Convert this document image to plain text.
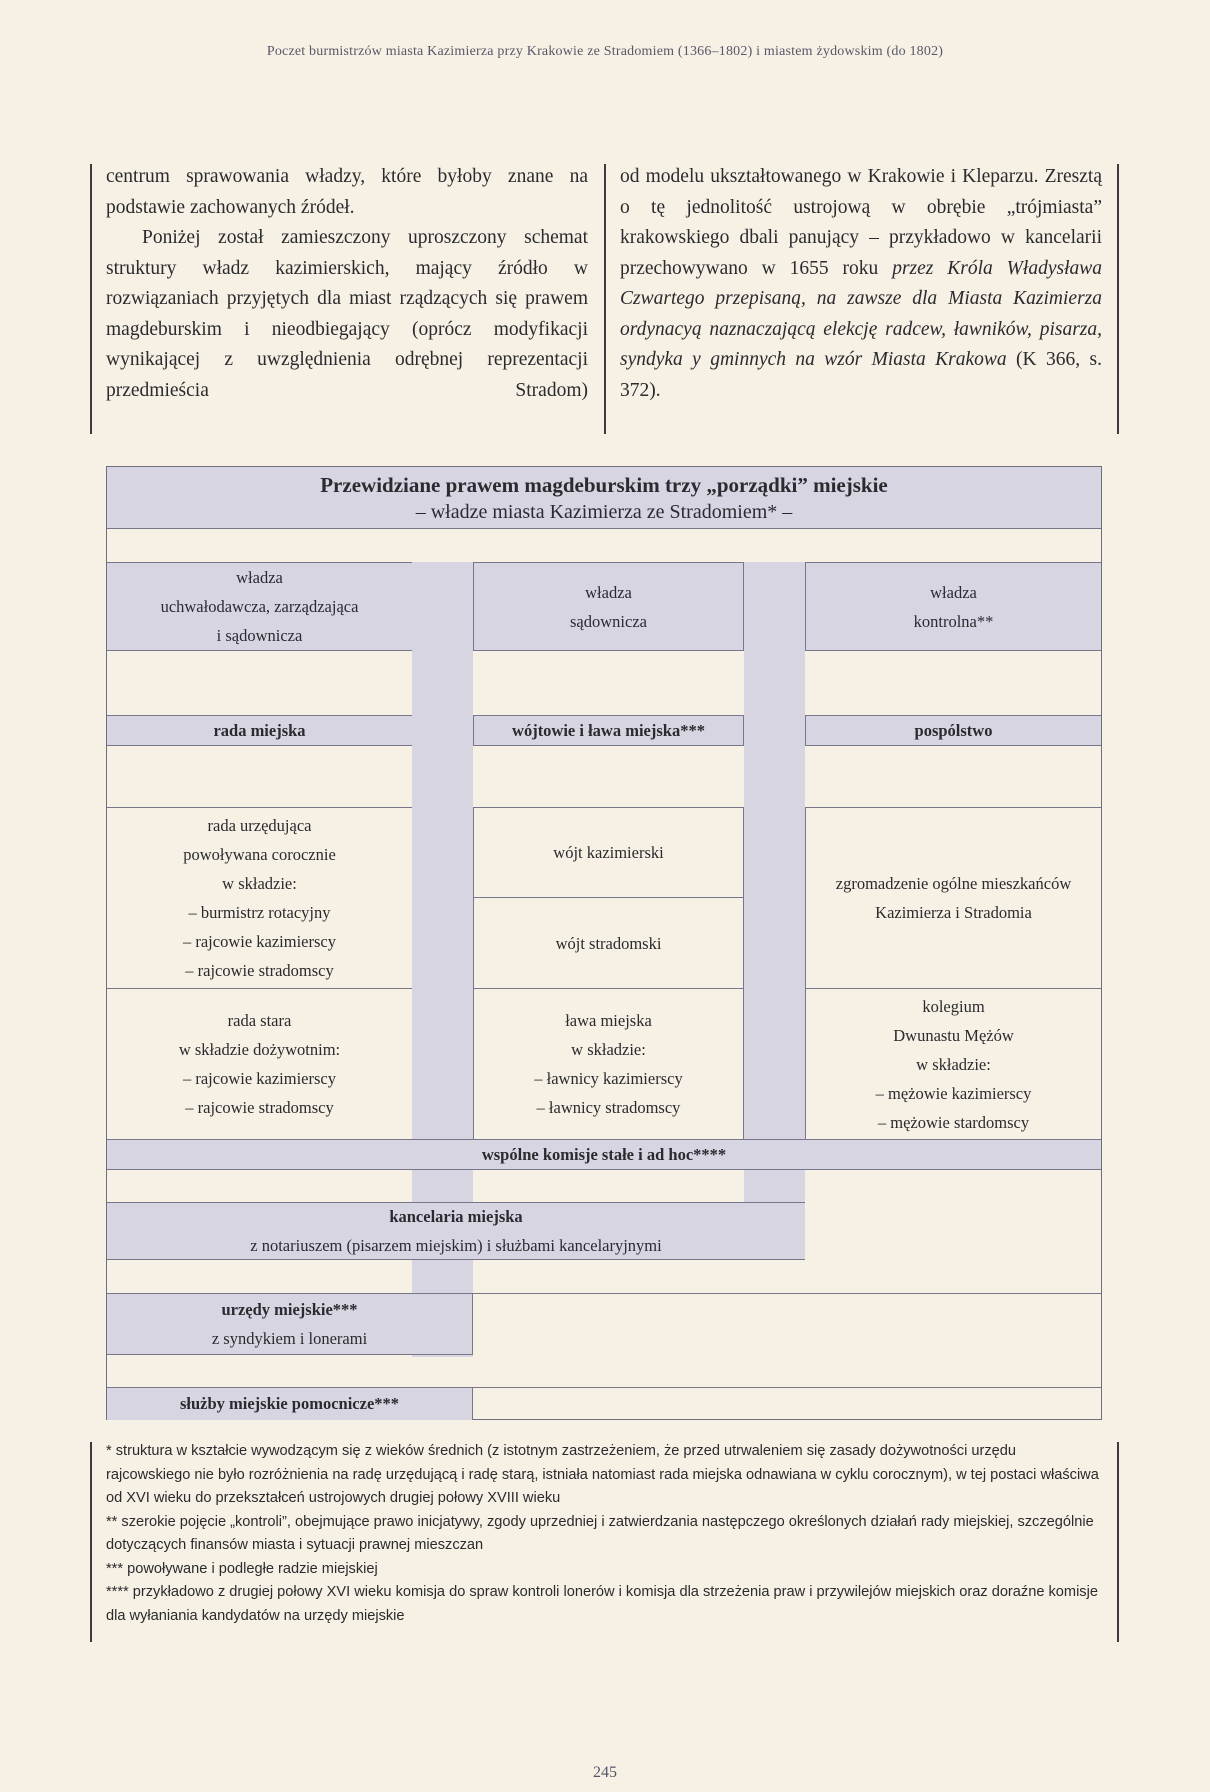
Poczet burmistrzów miasta Kazimierza przy Krakowie ze Stradomiem (1366–1802) i miastem żydowskim (do 1802)

centrum sprawowania władzy, które byłoby znane na podstawie zachowanych źródeł.

Poniżej został zamieszczony uproszczony schemat struktury władz kazimierskich, mający źródło w rozwiązaniach przyjętych dla miast rządzących się prawem magdeburskim i nieodbiegający (oprócz modyfikacji wynikającej z uwzględnienia odrębnej reprezentacji przedmieścia Stradom)

od modelu ukształtowanego w Krakowie i Kleparzu. Zresztą o tę jednolitość ustrojową w obrębie „trójmiasta” krakowskiego dbali panujący – przykładowo w kancelarii przechowywano w 1655 roku przez Króla Władysława Czwartego przepisaną, na zawsze dla Miasta Kazimierza ordynacyą naznaczającą elekcję radcew, ławników, pisarza, syndyka y gminnych na wzór Miasta Krakowa (K 366, s. 372).

Przewidziane prawem magdeburskim trzy „porządki” miejskie
– władze miasta Kazimierza ze Stradomiem* –
władza
uchwałodawcza, zarządzająca
i sądownicza
władza
sądownicza
władza
kontrolna**
rada miejska	wójtowie i ława miejska***	pospólstwo
rada urzędująca
powoływana corocznie
w składzie:
– burmistrz rotacyjny
– rajcowie kazimierscy
– rajcowie stradomscy
wójt kazimierski
wójt stradomski
zgromadzenie ogólne mieszkańców
Kazimierza i Stradomia
rada stara
w składzie dożywotnim:
– rajcowie kazimierscy
– rajcowie stradomscy
ława miejska
w składzie:
– ławnicy kazimierscy
– ławnicy stradomscy
kolegium
Dwunastu Mężów
w składzie:
– mężowie kazimierscy
– mężowie stardomscy
wspólne komisje stałe i ad hoc****
kancelaria miejska
z notariuszem (pisarzem miejskim) i służbami kancelaryjnymi
urzędy miejskie***
z syndykiem i lonerami
służby miejskie pomocnicze***

* struktura w kształcie wywodzącym się z wieków średnich (z istotnym zastrzeżeniem, że przed utrwaleniem się zasady dożywotności urzędu rajcowskiego nie było rozróżnienia na radę urzędującą i radę starą, istniała natomiast rada miejska odnawiana w cyklu corocznym), w tej postaci właściwa od XVI wieku do przekształceń ustrojowych drugiej połowy XVIII wieku

** szerokie pojęcie „kontroli”, obejmujące prawo inicjatywy, zgody uprzedniej i zatwierdzania następczego określonych działań rady miejskiej, szczególnie dotyczących finansów miasta i sytuacji prawnej mieszczan

*** powoływane i podległe radzie miejskiej

**** przykładowo z drugiej połowy XVI wieku komisja do spraw kontroli lonerów i komisja dla strzeżenia praw i przywilejów miejskich oraz doraźne komisje dla wyłaniania kandydatów na urzędy miejskie

245
